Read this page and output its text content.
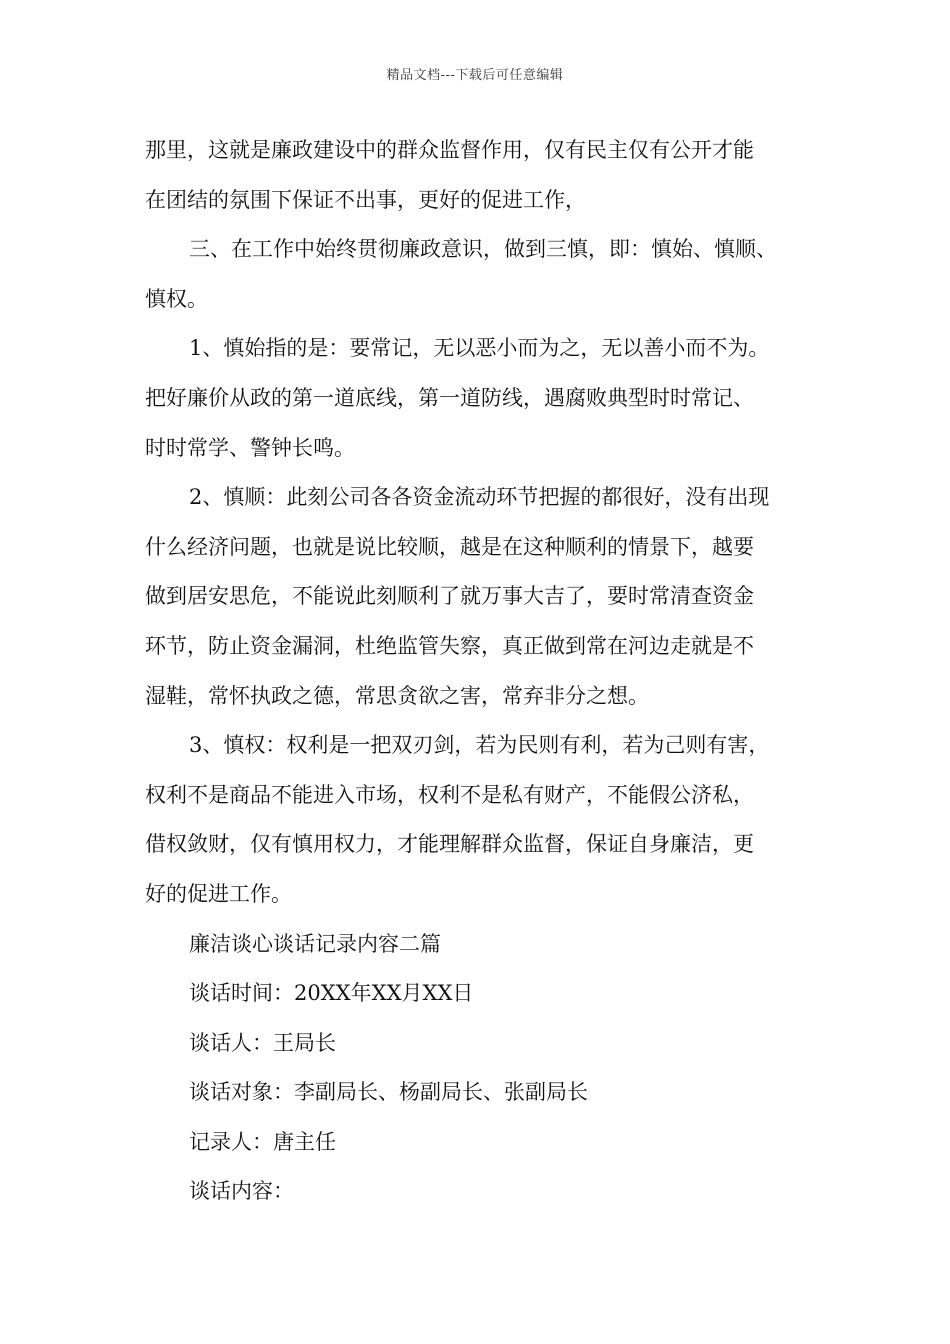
精品文档---下载后可任意编辑
那里，这就是廉政建设中的群众监督作用，仅有民主仅有公开才能
在团结的氛围下保证不出事，更好的促进工作，
三、在工作中始终贯彻廉政意识，做到三慎，即：慎始、慎顺、
慎权。
1、慎始指的是：要常记，无以恶小而为之，无以善小而不为。
把好廉价从政的第一道底线，第一道防线，遇腐败典型时时常记、
时时常学、警钟长鸣。
2、慎顺：此刻公司各各资金流动环节把握的都很好，没有出现
什么经济问题，也就是说比较顺，越是在这种顺利的情景下，越要
做到居安思危，不能说此刻顺利了就万事大吉了，要时常清查资金
环节，防止资金漏洞，杜绝监管失察，真正做到常在河边走就是不
湿鞋，常怀执政之德，常思贪欲之害，常弃非分之想。
3、慎权：权利是一把双刃剑，若为民则有利，若为己则有害，
权利不是商品不能进入市场，权利不是私有财产，不能假公济私，
借权敛财，仅有慎用权力，才能理解群众监督，保证自身廉洁，更
好的促进工作。
廉洁谈心谈话记录内容二篇
谈话时间：20XX年XX月XX日
谈话人：王局长
谈话对象：李副局长、杨副局长、张副局长
记录人：唐主任
谈话内容：
